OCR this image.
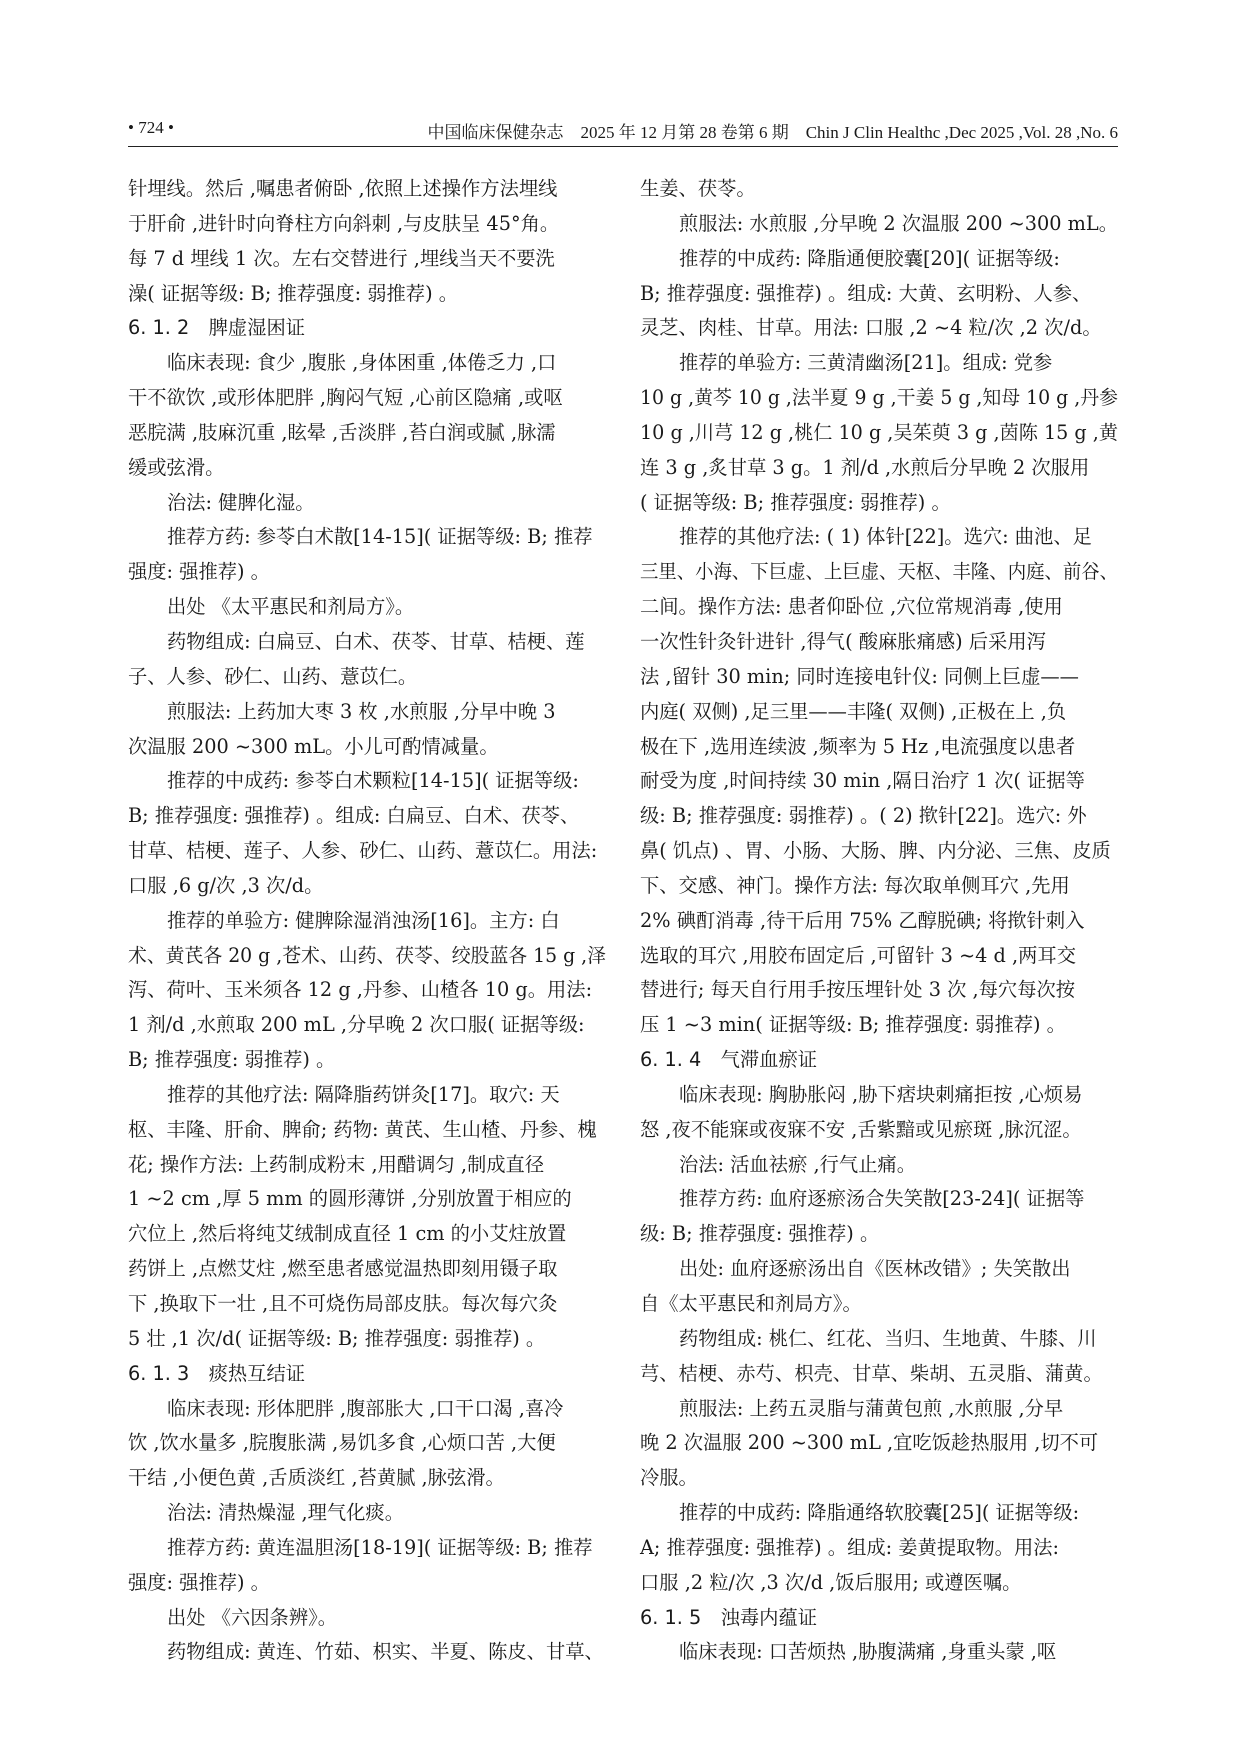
• 724 •	中国临床保健杂志　2025 年 12 月第 28 卷第 6 期　Chin J Clin Healthc ,Dec 2025 ,Vol. 28 ,No. 6
针埋线。然后 ,嘱患者俯卧 ,依照上述操作方法埋线
于肝俞 ,进针时向脊柱方向斜刺 ,与皮肤呈 45°角。
每 7 d 埋线 1 次。左右交替进行 ,埋线当天不要洗
澡( 证据等级: B; 推荐强度: 弱推荐) 。
6. 1. 2　脾虚湿困证
临床表现: 食少 ,腹胀 ,身体困重 ,体倦乏力 ,口
干不欲饮 ,或形体肥胖 ,胸闷气短 ,心前区隐痛 ,或呕
恶脘满 ,肢麻沉重 ,眩晕 ,舌淡胖 ,苔白润或腻 ,脉濡
缓或弦滑。
治法: 健脾化湿。
推荐方药: 参苓白术散[14-15]( 证据等级: B; 推荐
强度: 强推荐) 。
出处 《太平惠民和剂局方》。
药物组成: 白扁豆、白术、茯苓、甘草、桔梗、莲
子、人参、砂仁、山药、薏苡仁。
煎服法: 上药加大枣 3 枚 ,水煎服 ,分早中晚 3
次温服 200 ~300 mL。小儿可酌情减量。
推荐的中成药: 参苓白术颗粒[14-15]( 证据等级:
B; 推荐强度: 强推荐) 。组成: 白扁豆、白术、茯苓、
甘草、桔梗、莲子、人参、砂仁、山药、薏苡仁。用法:
口服 ,6 g/次 ,3 次/d。
推荐的单验方: 健脾除湿消浊汤[16]。主方: 白
术、黄芪各 20 g ,苍术、山药、茯苓、绞股蓝各 15 g ,泽
泻、荷叶、玉米须各 12 g ,丹参、山楂各 10 g。用法:
1 剂/d ,水煎取 200 mL ,分早晚 2 次口服( 证据等级:
B; 推荐强度: 弱推荐) 。
推荐的其他疗法: 隔降脂药饼灸[17]。取穴: 天
枢、丰隆、肝俞、脾俞; 药物: 黄芪、生山楂、丹参、槐
花; 操作方法: 上药制成粉末 ,用醋调匀 ,制成直径
1 ~2 cm ,厚 5 mm 的圆形薄饼 ,分别放置于相应的
穴位上 ,然后将纯艾绒制成直径 1 cm 的小艾炷放置
药饼上 ,点燃艾炷 ,燃至患者感觉温热即刻用镊子取
下 ,换取下一壮 ,且不可烧伤局部皮肤。每次每穴灸
5 壮 ,1 次/d( 证据等级: B; 推荐强度: 弱推荐) 。
6. 1. 3　痰热互结证
临床表现: 形体肥胖 ,腹部胀大 ,口干口渴 ,喜冷
饮 ,饮水量多 ,脘腹胀满 ,易饥多食 ,心烦口苦 ,大便
干结 ,小便色黄 ,舌质淡红 ,苔黄腻 ,脉弦滑。
治法: 清热燥湿 ,理气化痰。
推荐方药: 黄连温胆汤[18-19]( 证据等级: B; 推荐
强度: 强推荐) 。
出处 《六因条辨》。
药物组成: 黄连、竹茹、枳实、半夏、陈皮、甘草、
生姜、茯苓。
煎服法: 水煎服 ,分早晚 2 次温服 200 ~300 mL。
推荐的中成药: 降脂通便胶囊[20]( 证据等级:
B; 推荐强度: 强推荐) 。组成: 大黄、玄明粉、人参、
灵芝、肉桂、甘草。用法: 口服 ,2 ~4 粒/次 ,2 次/d。
推荐的单验方: 三黄清幽汤[21]。组成: 党参
10 g ,黄芩 10 g ,法半夏 9 g ,干姜 5 g ,知母 10 g ,丹参
10 g ,川芎 12 g ,桃仁 10 g ,吴茱萸 3 g ,茵陈 15 g ,黄
连 3 g ,炙甘草 3 g。1 剂/d ,水煎后分早晚 2 次服用
( 证据等级: B; 推荐强度: 弱推荐) 。
推荐的其他疗法: ( 1) 体针[22]。选穴: 曲池、足
三里、小海、下巨虚、上巨虚、天枢、丰隆、内庭、前谷、
二间。操作方法: 患者仰卧位 ,穴位常规消毒 ,使用
一次性针灸针进针 ,得气( 酸麻胀痛感) 后采用泻
法 ,留针 30 min; 同时连接电针仪: 同侧上巨虚——
内庭( 双侧) ,足三里——丰隆( 双侧) ,正极在上 ,负
极在下 ,选用连续波 ,频率为 5 Hz ,电流强度以患者
耐受为度 ,时间持续 30 min ,隔日治疗 1 次( 证据等
级: B; 推荐强度: 弱推荐) 。( 2) 揿针[22]。选穴: 外
鼻( 饥点) 、胃、小肠、大肠、脾、内分泌、三焦、皮质
下、交感、神门。操作方法: 每次取单侧耳穴 ,先用
2% 碘酊消毒 ,待干后用 75% 乙醇脱碘; 将揿针刺入
选取的耳穴 ,用胶布固定后 ,可留针 3 ~4 d ,两耳交
替进行; 每天自行用手按压埋针处 3 次 ,每穴每次按
压 1 ~3 min( 证据等级: B; 推荐强度: 弱推荐) 。
6. 1. 4　气滞血瘀证
临床表现: 胸胁胀闷 ,胁下痞块刺痛拒按 ,心烦易
怒 ,夜不能寐或夜寐不安 ,舌紫黯或见瘀斑 ,脉沉涩。
治法: 活血祛瘀 ,行气止痛。
推荐方药: 血府逐瘀汤合失笑散[23-24]( 证据等
级: B; 推荐强度: 强推荐) 。
出处: 血府逐瘀汤出自《医林改错》; 失笑散出
自《太平惠民和剂局方》。
药物组成: 桃仁、红花、当归、生地黄、牛膝、川
芎、桔梗、赤芍、枳壳、甘草、柴胡、五灵脂、蒲黄。
煎服法: 上药五灵脂与蒲黄包煎 ,水煎服 ,分早
晚 2 次温服 200 ~300 mL ,宜吃饭趁热服用 ,切不可
冷服。
推荐的中成药: 降脂通络软胶囊[25]( 证据等级:
A; 推荐强度: 强推荐) 。组成: 姜黄提取物。用法:
口服 ,2 粒/次 ,3 次/d ,饭后服用; 或遵医嘱。
6. 1. 5　浊毒内蕴证
临床表现: 口苦烦热 ,胁腹满痛 ,身重头蒙 ,呕
